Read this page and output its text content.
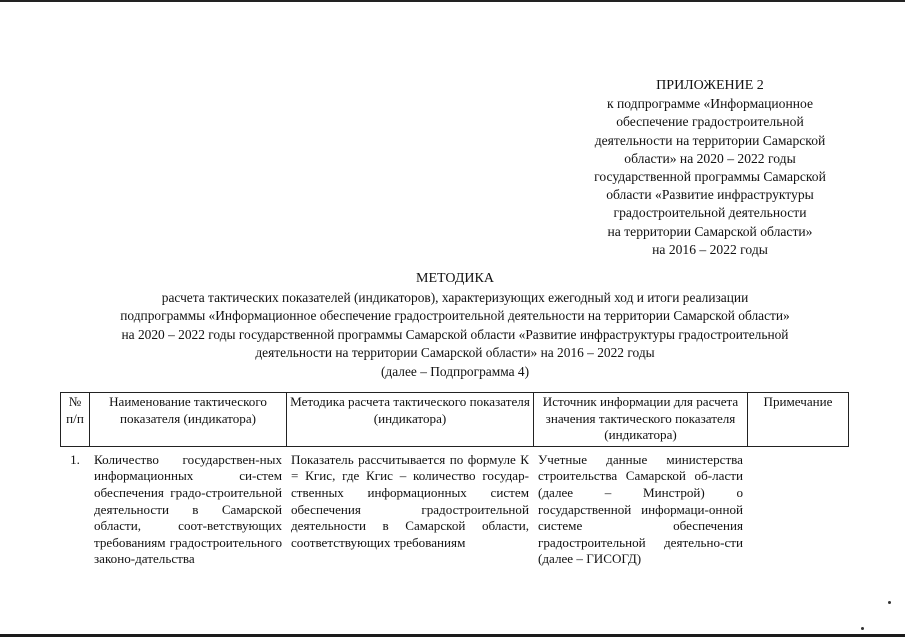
ПРИЛОЖЕНИЕ 2
к подпрограмме «Информационное
обеспечение градостроительной
деятельности на территории Самарской
области» на 2020 – 2022 годы
государственной программы Самарской
области «Развитие инфраструктуры
градостроительной деятельности
на территории Самарской области»
на 2016 – 2022 годы
МЕТОДИКА
расчета тактических показателей (индикаторов), характеризующих ежегодный ход и итоги реализации
подпрограммы «Информационное обеспечение градостроительной деятельности на территории Самарской области»
на 2020 – 2022 годы государственной программы Самарской области «Развитие инфраструктуры градостроительной
деятельности на территории Самарской области» на 2016 – 2022 годы
(далее – Подпрограмма 4)
№ п/п	Наименование тактического показателя (индикатора)	Методика расчета тактического показателя (индикатора)	Источник информации для расчета значения тактического показателя (индикатора)	Примечание
1.	Количество государствен-ных информационных си-стем обеспечения градо-строительной деятельности в Самарской области, соот-ветствующих требованиям градостроительного законо-дательства	Показатель рассчитывается по формуле К = Кгис, где Кгис – количество государ-ственных информационных систем обеспечения градостроительной деятельности в Самарской области, соответствующих требованиям	Учетные данные министерства строительства Самарской об-ласти (далее – Минстрой) о государственной информаци-онной системе обеспечения градостроительной деятельно-сти (далее – ГИСОГД)	
